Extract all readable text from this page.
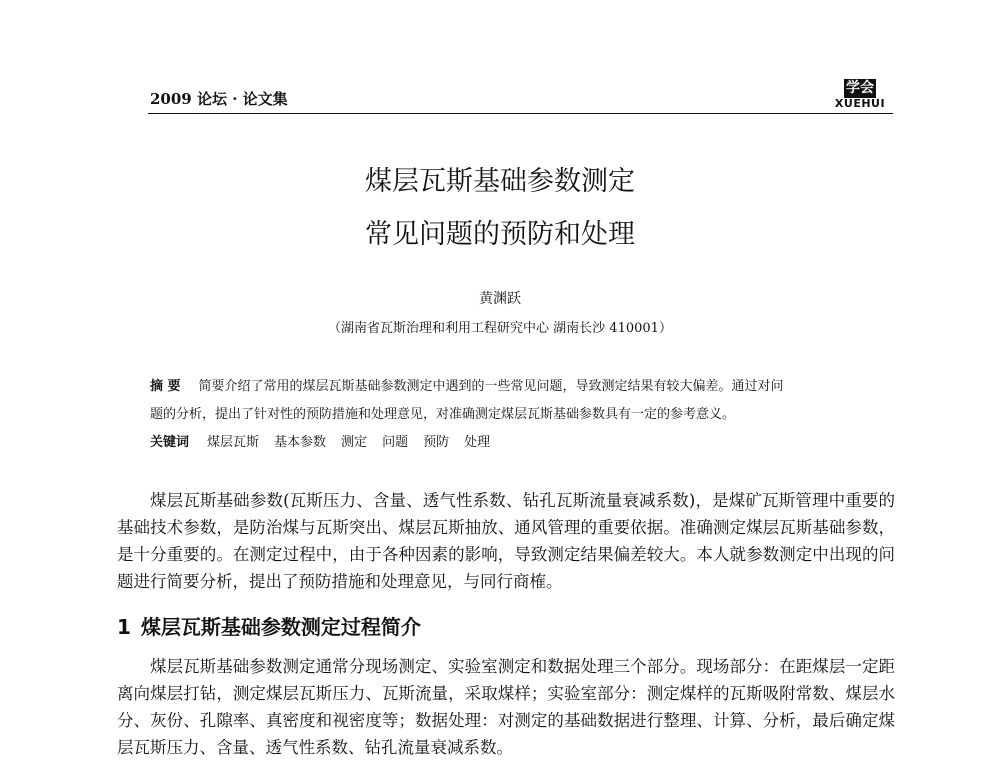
2009 论坛 · 论文集
学会
XUEHUI
煤层瓦斯基础参数测定
常见问题的预防和处理
黄渊跃
（湖南省瓦斯治理和利用工程研究中心 湖南长沙 410001）
摘 要 简要介绍了常用的煤层瓦斯基础参数测定中遇到的一些常见问题，导致测定结果有较大偏差。通过对问
题的分析，提出了针对性的预防措施和处理意见，对准确测定煤层瓦斯基础参数具有一定的参考意义。
关键词 煤层瓦斯 基本参数 测定 问题 预防 处理

煤层瓦斯基础参数(瓦斯压力、含量、透气性系数、钻孔瓦斯流量衰减系数)，是煤矿瓦斯管理中重要的基础技术参数，是防治煤与瓦斯突出、煤层瓦斯抽放、通风管理的重要依据。准确测定煤层瓦斯基础参数，是十分重要的。在测定过程中，由于各种因素的影响，导致测定结果偏差较大。本人就参数测定中出现的问题进行简要分析，提出了预防措施和处理意见，与同行商榷。

1 煤层瓦斯基础参数测定过程简介

煤层瓦斯基础参数测定通常分现场测定、实验室测定和数据处理三个部分。现场部分：在距煤层一定距离向煤层打钻，测定煤层瓦斯压力、瓦斯流量，采取煤样；实验室部分：测定煤样的瓦斯吸附常数、煤层水分、灰份、孔隙率、真密度和视密度等；数据处理：对测定的基础数据进行整理、计算、分析，最后确定煤层瓦斯压力、含量、透气性系数、钻孔流量衰减系数。
